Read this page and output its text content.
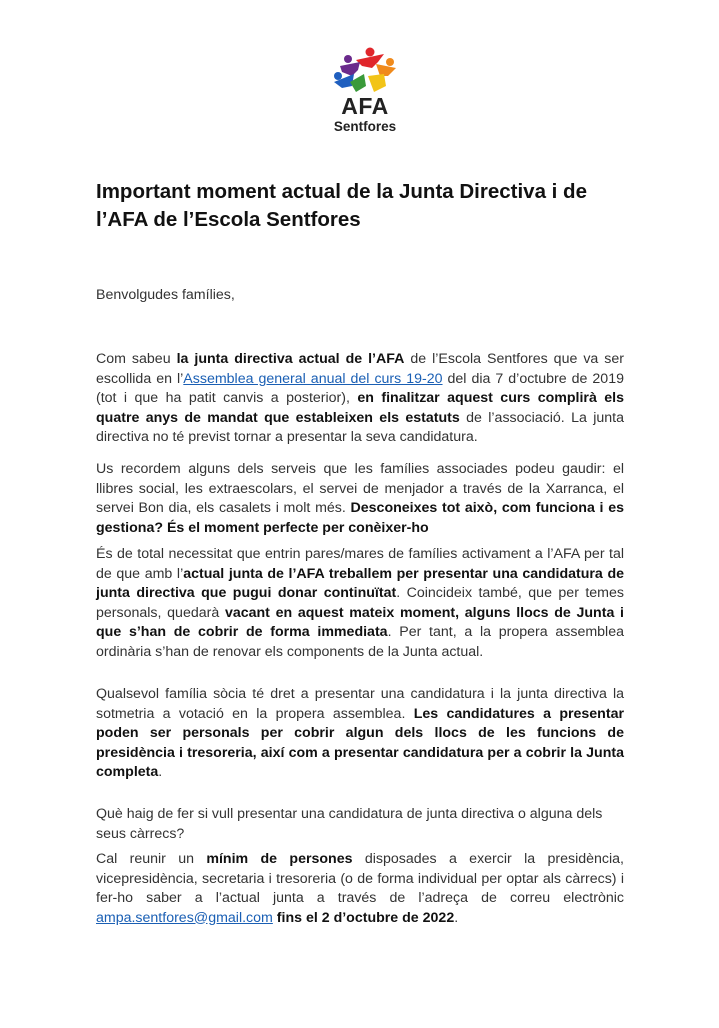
AFA
Sentfores
Important moment actual de la Junta Directiva i de l’AFA de l’Escola Sentfores

Benvolgudes famílies,

Com sabeu la junta directiva actual de l’AFA de l’Escola Sentfores que va ser escollida en l’Assemblea general anual del curs 19-20 del dia 7 d’octubre de 2019 (tot i que ha patit canvis a posterior), en finalitzar aquest curs complirà els quatre anys de mandat que estableixen els estatuts de l’associació. La junta directiva no té previst tornar a presentar la seva candidatura.

Us recordem alguns dels serveis que les famílies associades podeu gaudir: el llibres social, les extraescolars, el servei de menjador a través de la Xarranca, el servei Bon dia, els casalets i molt més. Desconeixes tot això, com funciona i es gestiona? És el moment perfecte per conèixer-ho

És de total necessitat que entrin pares/mares de famílies activament a l’AFA per tal de que amb l’actual junta de l’AFA treballem per presentar una candidatura de junta directiva que pugui donar continuïtat. Coincideix també, que per temes personals, quedarà vacant en aquest mateix moment, alguns llocs de Junta i que s’han de cobrir de forma immediata. Per tant, a la propera assemblea ordinària s’han de renovar els components de la Junta actual.

Qualsevol família sòcia té dret a presentar una candidatura i la junta directiva la sotmetria a votació en la propera assemblea. Les candidatures a presentar poden ser personals per cobrir algun dels llocs de les funcions de presidència i tresoreria, així com a presentar candidatura per a cobrir la Junta completa.

Què haig de fer si vull presentar una candidatura de junta directiva o alguna dels seus càrrecs?

Cal reunir un mínim de persones disposades a exercir la presidència, vicepresidència, secretaria i tresoreria (o de forma individual per optar als càrrecs) i fer-ho saber a l’actual junta a través de l’adreça de correu electrònic ampa.sentfores@gmail.com fins el 2 d’octubre de 2022.
